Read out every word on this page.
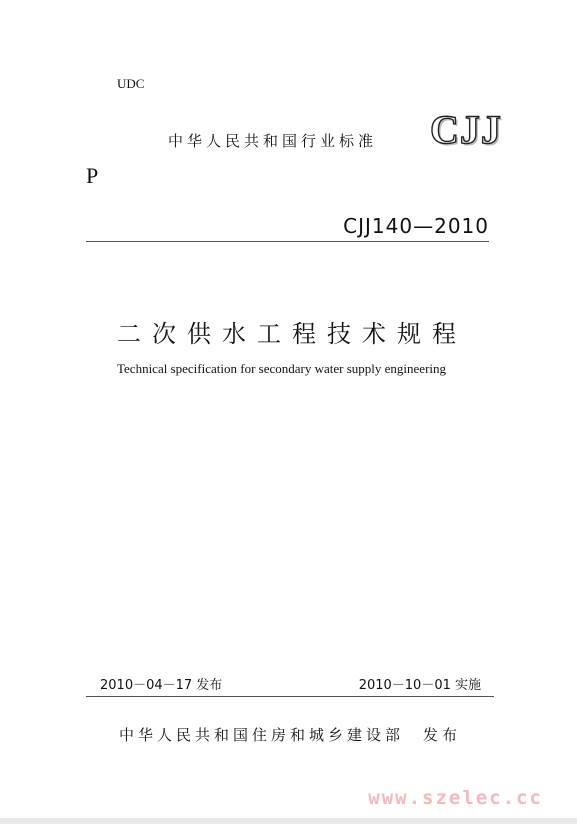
UDC
中华人民共和国行业标准 CJJ
P
CJJ140—2010
二次供水工程技术规程
Technical specification for secondary water supply engineering
2010－04－17 发布	2010－10－01 实施
中华人民共和国住房和城乡建设部　发布
www.szelec.cc
